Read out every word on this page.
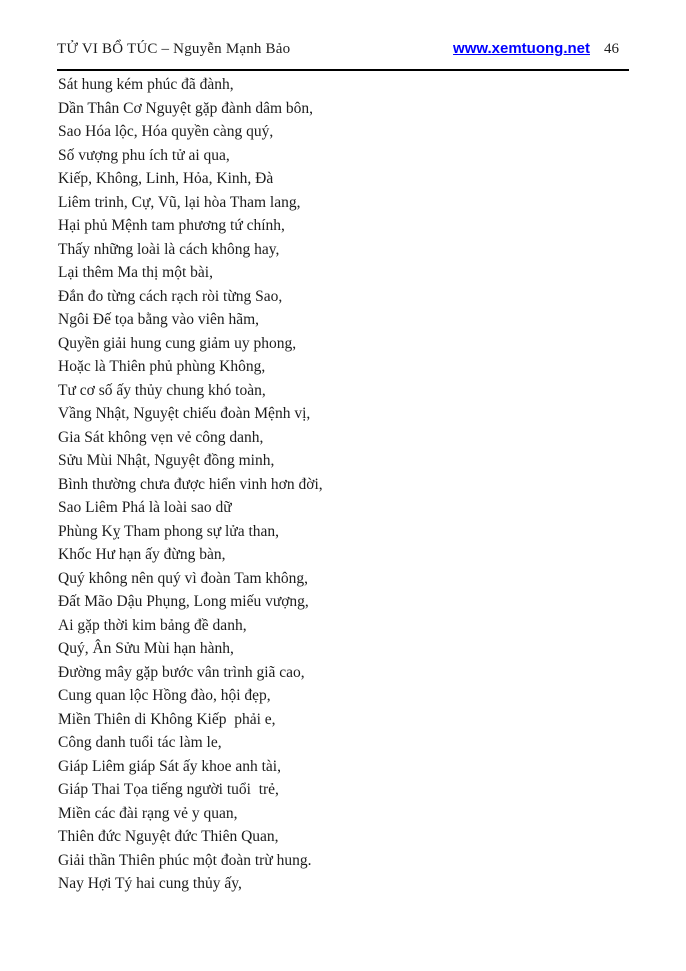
TỬ VI BỔ TÚC – Nguyễn Mạnh Bảo	www.xemtuong.net 46
Sát hung kém phúc đã đành,
Dần Thân Cơ Nguyệt gặp đành dâm bôn,
Sao Hóa lộc, Hóa quyền càng quý,
Số vượng phu ích tử ai qua,
Kiếp, Không, Linh, Hỏa, Kinh, Đà
Liêm trinh, Cự, Vũ, lại hòa Tham lang,
Hại phủ Mệnh tam phương tứ chính,
Thấy những loài là cách không hay,
Lại thêm Ma thị một bài,
Đắn đo từng cách rạch ròi từng Sao,
Ngôi Đế tọa bằng vào viên hãm,
Quyền giải hung cung giảm uy phong,
Hoặc là Thiên phủ phùng Không,
Tư cơ số ấy thủy chung khó toàn,
Vầng Nhật, Nguyệt chiếu đoàn Mệnh vị,
Gia Sát không vẹn vẻ công danh,
Sửu Mùi Nhật, Nguyệt đồng minh,
Bình thường chưa được hiển vinh hơn đời,
Sao Liêm Phá là loài sao dữ
Phùng Kỵ Tham phong sự lửa than,
Khốc Hư hạn ấy đừng bàn,
Quý không nên quý vì đoàn Tam không,
Đất Mão Dậu Phụng, Long miếu vượng,
Ai gặp thời kim bảng đề danh,
Quý, Ân Sửu Mùi hạn hành,
Đường mây gặp bước vân trình giã cao,
Cung quan lộc Hồng đào, hội đẹp,
Miền Thiên di Không Kiếp  phải e,
Công danh tuổi tác làm le,
Giáp Liêm giáp Sát ấy khoe anh tài,
Giáp Thai Tọa tiếng người tuổi  trẻ,
Miền các đài rạng vẻ y quan,
Thiên đức Nguyệt đức Thiên Quan,
Giải thần Thiên phúc một đoàn trừ hung.
Nay Hợi Tý hai cung thủy ấy,
